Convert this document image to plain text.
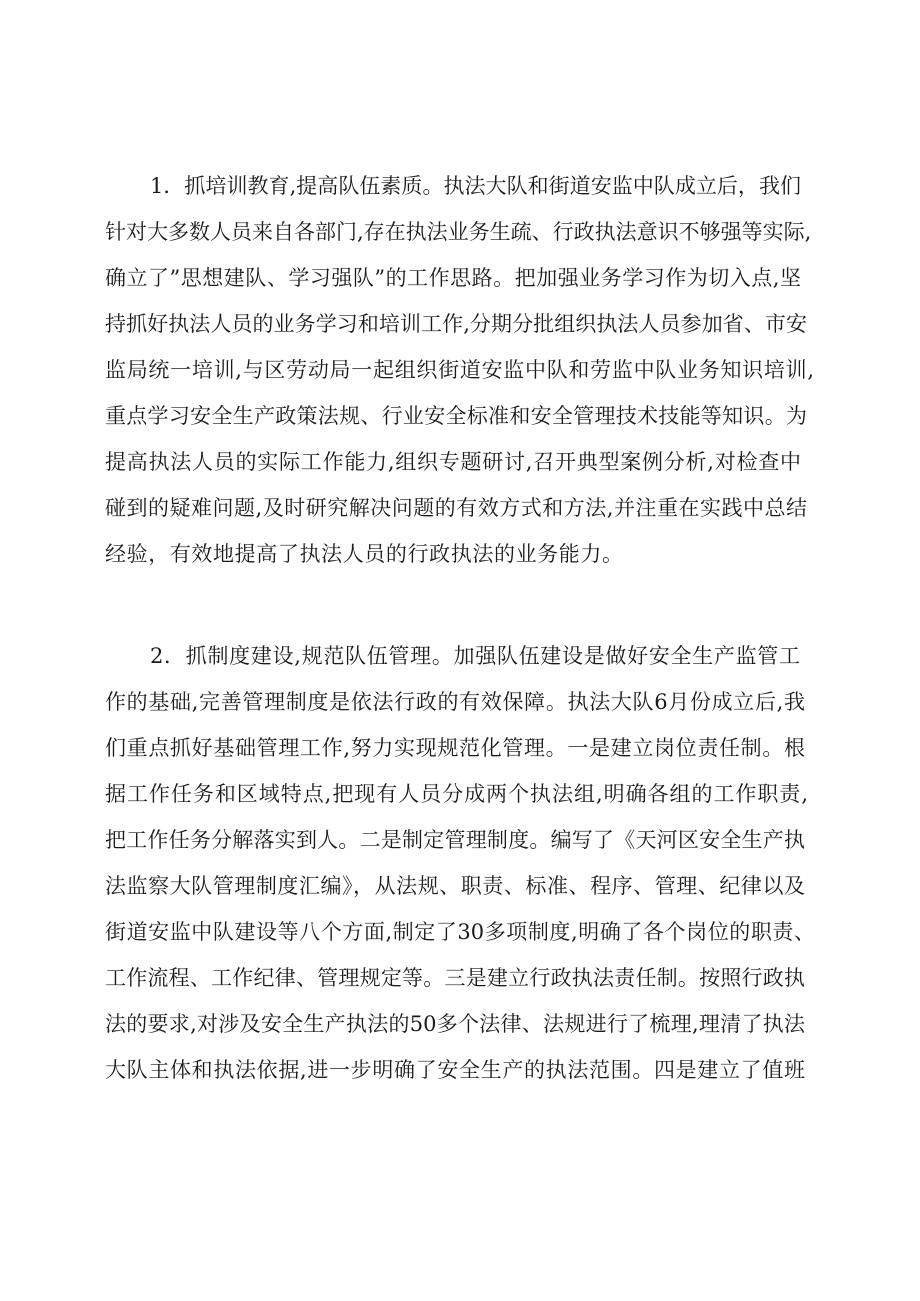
1．抓培训教育,提高队伍素质。执法大队和街道安监中队成立后，我们
针对大多数人员来自各部门,存在执法业务生疏、行政执法意识不够强等实际,
确立了”思想建队、学习强队”的工作思路。把加强业务学习作为切入点,坚
持抓好执法人员的业务学习和培训工作,分期分批组织执法人员参加省、市安
监局统一培训,与区劳动局一起组织街道安监中队和劳监中队业务知识培训,
重点学习安全生产政策法规、行业安全标准和安全管理技术技能等知识。为
提高执法人员的实际工作能力,组织专题研讨,召开典型案例分析,对检查中
碰到的疑难问题,及时研究解决问题的有效方式和方法,并注重在实践中总结
经验，有效地提高了执法人员的行政执法的业务能力。
2．抓制度建设,规范队伍管理。加强队伍建设是做好安全生产监管工
作的基础,完善管理制度是依法行政的有效保障。执法大队6月份成立后,我
们重点抓好基础管理工作,努力实现规范化管理。一是建立岗位责任制。根
据工作任务和区域特点,把现有人员分成两个执法组,明确各组的工作职责,
把工作任务分解落实到人。二是制定管理制度。编写了《天河区安全生产执
法监察大队管理制度汇编》，从法规、职责、标准、程序、管理、纪律以及
街道安监中队建设等八个方面,制定了30多项制度,明确了各个岗位的职责、
工作流程、工作纪律、管理规定等。三是建立行政执法责任制。按照行政执
法的要求,对涉及安全生产执法的50多个法律、法规进行了梳理,理清了执法
大队主体和执法依据,进一步明确了安全生产的执法范围。四是建立了值班
